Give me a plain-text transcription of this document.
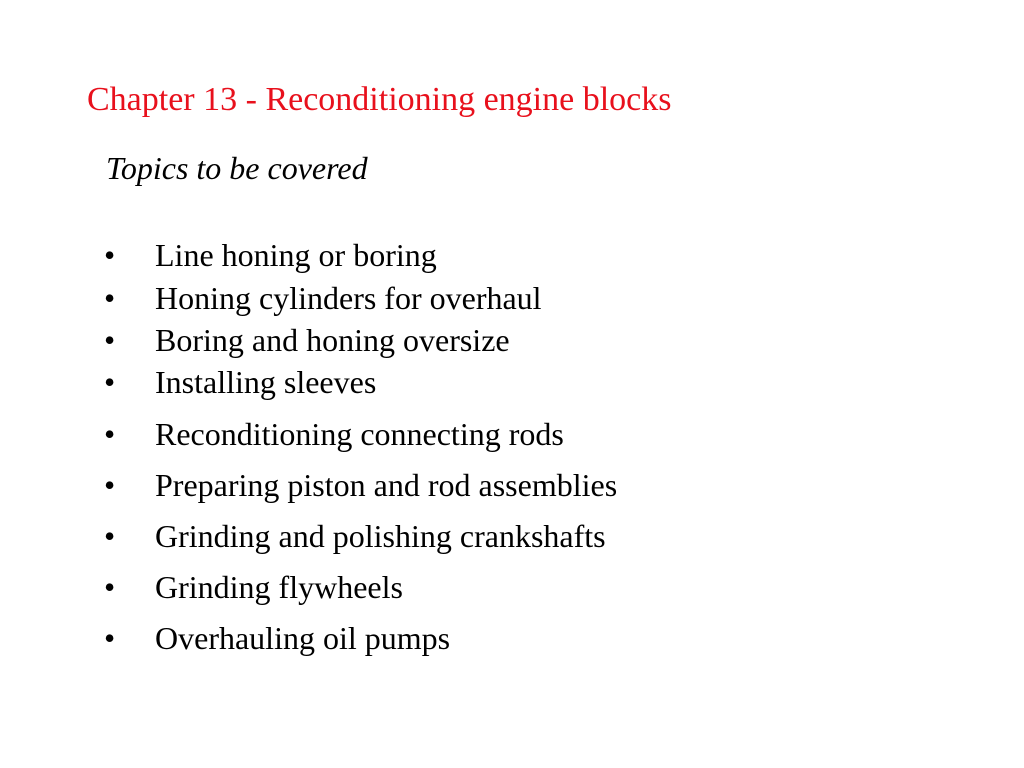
Chapter 13 - Reconditioning engine blocks
Topics to be covered
• Line honing or boring
• Honing cylinders for overhaul
• Boring and honing oversize
• Installing sleeves
• Reconditioning connecting rods
• Preparing piston and rod assemblies
• Grinding and polishing crankshafts
• Grinding flywheels
• Overhauling oil pumps
